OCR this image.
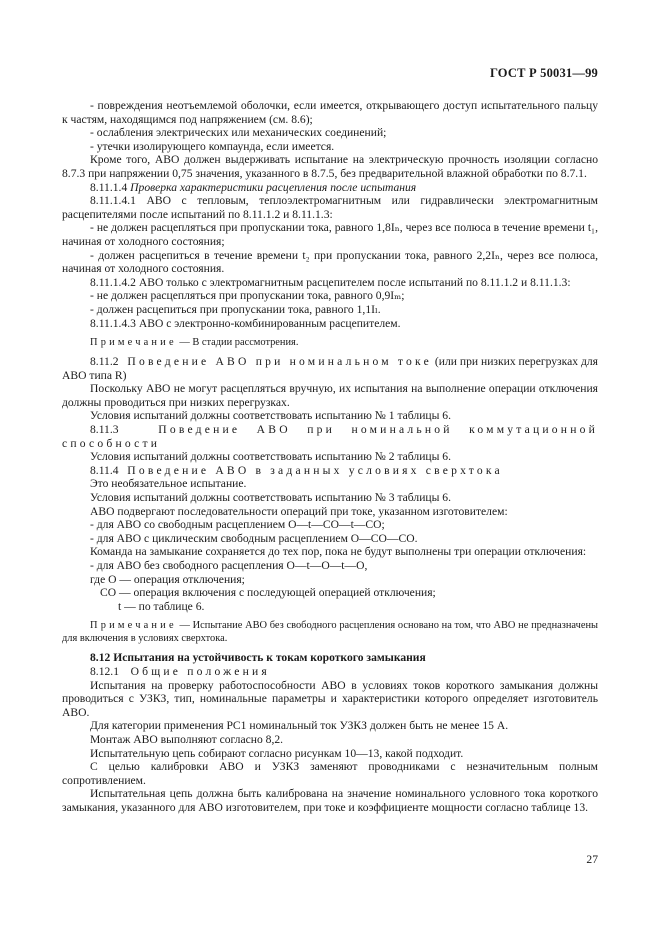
ГОСТ Р 50031—99

- повреждения неотъемлемой оболочки, если имеется, открывающего доступ испытательного пальцу к частям, находящимся под напряжением (см. 8.6);

- ослабления электрических или механических соединений;

- утечки изолирующего компаунда, если имеется.

Кроме того, АВО должен выдерживать испытание на электрическую прочность изоляции согласно 8.7.3 при напряжении 0,75 значения, указанного в 8.7.5, без предварительной влажной обработки по 8.7.1.

8.11.1.4 Проверка характеристики расцепления после испытания

8.11.1.4.1 АВО с тепловым, теплоэлектромагнитным или гидравлически электромагнитным расцепителями после испытаний по 8.11.1.2 и 8.11.1.3:

- не должен расцепляться при пропускании тока, равного 1,8Iₙ, через все полюса в течение времени t₁, начиная от холодного состояния;

- должен расцепиться в течение времени t₂ при пропускании тока, равного 2,2Iₙ, через все полюса, начиная от холодного состояния.

8.11.1.4.2 АВО только с электромагнитным расцепителем после испытаний по 8.11.1.2 и 8.11.1.3:

- не должен расцепляться при пропускании тока, равного 0,9Iₘ;

- должен расцепиться при пропускании тока, равного 1,1Iₗ.

8.11.1.4.3 АВО с электронно-комбинированным расцепителем.

Примечание — В стадии рассмотрения.

8.11.2 Поведение АВО при номинальном токе (или при низких перегрузках для АВО типа R)

Поскольку АВО не могут расцепляться вручную, их испытания на выполнение операции отключения должны проводиться при низких перегрузках.

Условия испытаний должны соответствовать испытанию № 1 таблицы 6.

8.11.3	Поведение АВО при номинальной коммутационной способности

Условия испытаний должны соответствовать испытанию № 2 таблицы 6.

8.11.4 Поведение АВО в заданных условиях сверхтока

Это необязательное испытание.

Условия испытаний должны соответствовать испытанию № 3 таблицы 6.

АВО подвергают последовательности операций при токе, указанном изготовителем:

- для АВО со свободным расцеплением О—t—CO—t—CO;

- для АВО с циклическим свободным расцеплением О—CO—CO.

Команда на замыкание сохраняется до тех пор, пока не будут выполнены три операции отключения:

- для АВО без свободного расцепления О—t—O—t—O,

где О — операция отключения;

CO — операция включения с последующей операцией отключения;

t — по таблице 6.

Примечание — Испытание АВО без свободного расцепления основано на том, что АВО не предназначены для включения в условиях сверхтока.

8.12 Испытания на устойчивость к токам короткого замыкания

8.12.1 Общие положения

Испытания на проверку работоспособности АВО в условиях токов короткого замыкания должны проводиться с УЗКЗ, тип, номинальные параметры и характеристики которого определяет изготовитель АВО.

Для категории применения PC1 номинальный ток УЗКЗ должен быть не менее 15 А.

Монтаж АВО выполняют согласно 8,2.

Испытательную цепь собирают согласно рисункам 10—13, какой подходит.

С целью калибровки АВО и УЗКЗ заменяют проводниками с незначительным полным сопротивлением.

Испытательная цепь должна быть калибрована на значение номинального условного тока короткого замыкания, указанного для АВО изготовителем, при токе и коэффициенте мощности согласно таблице 13.

27
